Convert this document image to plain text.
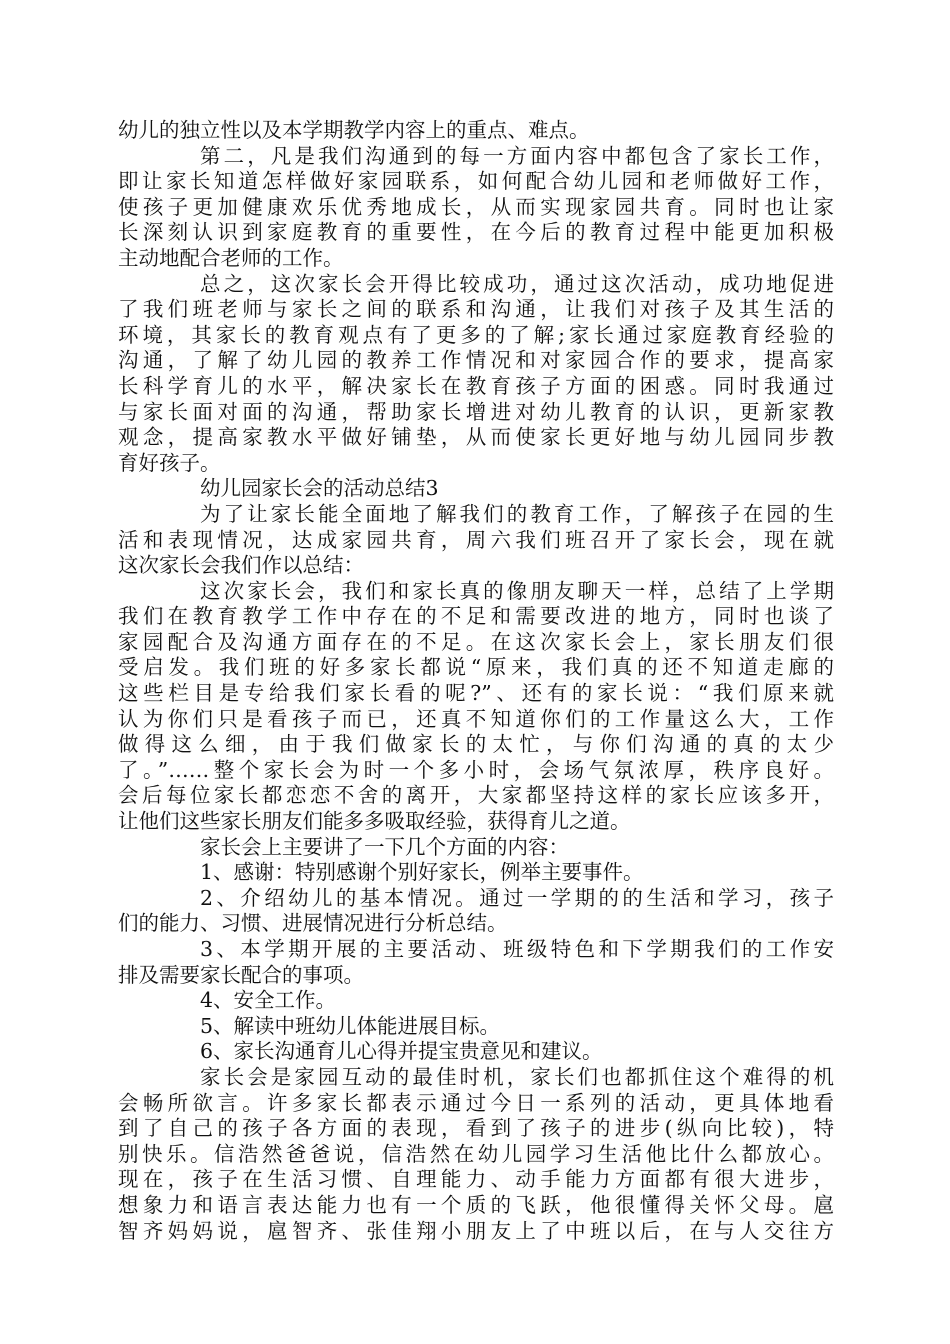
幼儿的独立性以及本学期教学内容上的重点、难点。
第二，凡是我们沟通到的每一方面内容中都包含了家长工作，
即让家长知道怎样做好家园联系，如何配合幼儿园和老师做好工作，
使孩子更加健康欢乐优秀地成长，从而实现家园共育。同时也让家
长深刻认识到家庭教育的重要性，在今后的教育过程中能更加积极
主动地配合老师的工作。
总之，这次家长会开得比较成功，通过这次活动，成功地促进
了我们班老师与家长之间的联系和沟通，让我们对孩子及其生活的
环境，其家长的教育观点有了更多的了解;家长通过家庭教育经验的
沟通，了解了幼儿园的教养工作情况和对家园合作的要求，提高家
长科学育儿的水平，解决家长在教育孩子方面的困惑。同时我通过
与家长面对面的沟通，帮助家长增进对幼儿教育的认识，更新家教
观念，提高家教水平做好铺垫，从而使家长更好地与幼儿园同步教
育好孩子。
幼儿园家长会的活动总结3
为了让家长能全面地了解我们的教育工作，了解孩子在园的生
活和表现情况，达成家园共育，周六我们班召开了家长会，现在就
这次家长会我们作以总结：
这次家长会，我们和家长真的像朋友聊天一样，总结了上学期
我们在教育教学工作中存在的不足和需要改进的地方，同时也谈了
家园配合及沟通方面存在的不足。在这次家长会上，家长朋友们很
受启发。我们班的好多家长都说“原来，我们真的还不知道走廊的
这些栏目是专给我们家长看的呢?”、还有的家长说：“我们原来就
认为你们只是看孩子而已，还真不知道你们的工作量这么大，工作
做得这么细，由于我们做家长的太忙，与你们沟通的真的太少
了。”……整个家长会为时一个多小时，会场气氛浓厚，秩序良好。
会后每位家长都恋恋不舍的离开，大家都坚持这样的家长应该多开，
让他们这些家长朋友们能多多吸取经验，获得育儿之道。
家长会上主要讲了一下几个方面的内容：
1、感谢：特别感谢个别好家长，例举主要事件。
2、介绍幼儿的基本情况。通过一学期的的生活和学习，孩子
们的能力、习惯、进展情况进行分析总结。
3、本学期开展的主要活动、班级特色和下学期我们的工作安
排及需要家长配合的事项。
4、安全工作。
5、解读中班幼儿体能进展目标。
6、家长沟通育儿心得并提宝贵意见和建议。
家长会是家园互动的最佳时机，家长们也都抓住这个难得的机
会畅所欲言。许多家长都表示通过今日一系列的活动，更具体地看
到了自己的孩子各方面的表现，看到了孩子的进步(纵向比较)，特
别快乐。信浩然爸爸说，信浩然在幼儿园学习生活他比什么都放心。
现在，孩子在生活习惯、自理能力、动手能力方面都有很大进步，
想象力和语言表达能力也有一个质的飞跃，他很懂得关怀父母。扈
智齐妈妈说，扈智齐、张佳翔小朋友上了中班以后，在与人交往方
